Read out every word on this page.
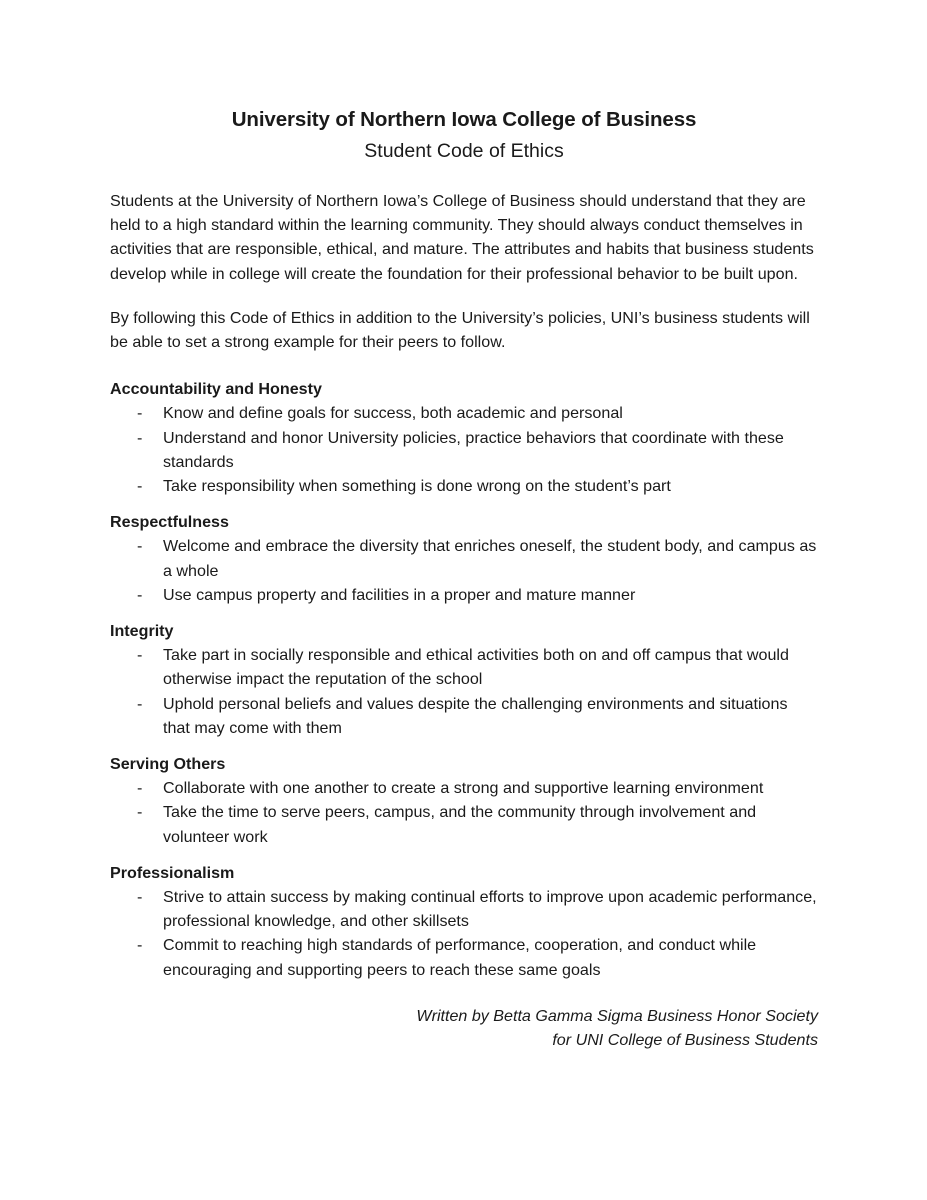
University of Northern Iowa College of Business
Student Code of Ethics

Students at the University of Northern Iowa’s College of Business should understand that they are held to a high standard within the learning community. They should always conduct themselves in activities that are responsible, ethical, and mature. The attributes and habits that business students develop while in college will create the foundation for their professional behavior to be built upon.

By following this Code of Ethics in addition to the University’s policies, UNI’s business students will be able to set a strong example for their peers to follow.

Accountability and Honesty
- Know and define goals for success, both academic and personal
- Understand and honor University policies, practice behaviors that coordinate with these standards
- Take responsibility when something is done wrong on the student’s part
Respectfulness
- Welcome and embrace the diversity that enriches oneself, the student body, and campus as a whole
- Use campus property and facilities in a proper and mature manner
Integrity
- Take part in socially responsible and ethical activities both on and off campus that would otherwise impact the reputation of the school
- Uphold personal beliefs and values despite the challenging environments and situations that may come with them
Serving Others
- Collaborate with one another to create a strong and supportive learning environment
- Take the time to serve peers, campus, and the community through involvement and volunteer work
Professionalism
- Strive to attain success by making continual efforts to improve upon academic performance, professional knowledge, and other skillsets
- Commit to reaching high standards of performance, cooperation, and conduct while encouraging and supporting peers to reach these same goals
Written by Betta Gamma Sigma Business Honor Society
for UNI College of Business Students
